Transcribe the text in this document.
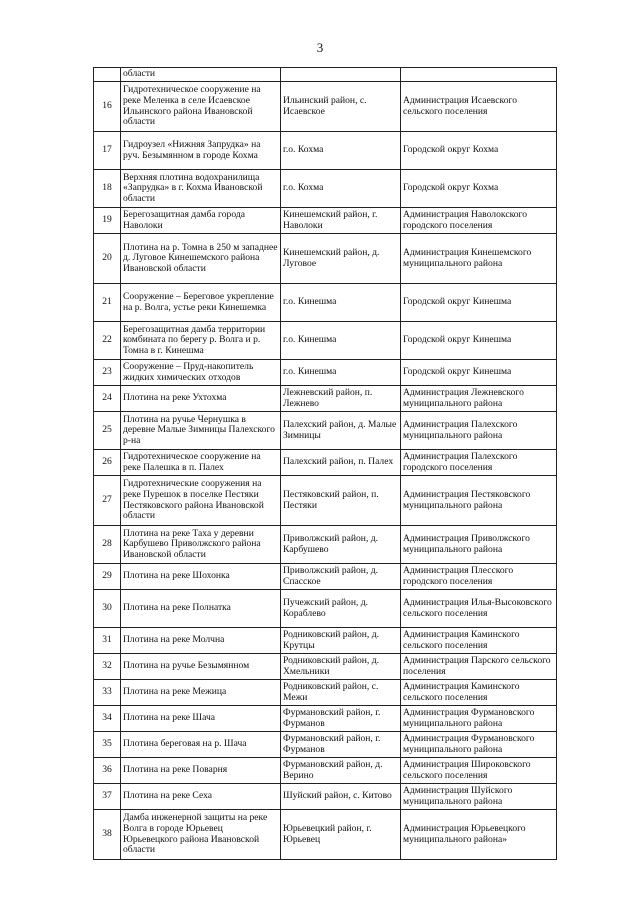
3
	области		
16	Гидротехническое сооружение на реке Меленка в селе Исаевское Ильинского района Ивановской области	Ильинский район, с. Исаевское	Администрация Исаевского сельского поселения
17	Гидроузел «Нижняя Запрудка» на руч. Безымянном в городе Кохма	г.о. Кохма	Городской округ Кохма
18	Верхняя плотина водохранилища «Запрудка» в г. Кохма Ивановской области	г.о. Кохма	Городской округ Кохма
19	Берегозащитная дамба города Наволоки	Кинешемский район, г. Наволоки	Администрация Наволокского городского поселения
20	Плотина на р. Томна в 250 м западнее д. Луговое Кинешемского района Ивановской области	Кинешемский район, д. Луговое	Администрация Кинешемского муниципального района
21	Сооружение – Береговое укрепление на р. Волга, устье реки Кинешемка	г.о. Кинешма	Городской округ Кинешма
22	Берегозащитная дамба территории комбината по берегу р. Волга и р. Томна в г. Кинешма	г.о. Кинешма	Городской округ Кинешма
23	Сооружение – Пруд-накопитель жидких химических отходов	г.о. Кинешма	Городской округ Кинешма
24	Плотина на реке Ухтохма	Лежневский район, п. Лежнево	Администрация Лежневского муниципального района
25	Плотина на ручье Чернушка в деревне Малые Зимницы Палехского р-на	Палехский район, д. Малые Зимницы	Администрация Палехского муниципального района
26	Гидротехническое сооружение на реке Палешка в п. Палех	Палехский район, п. Палех	Администрация Палехского городского поселения
27	Гидротехнические сооружения на реке Пурешок в поселке Пестяки Пестяковского района Ивановской области	Пестяковский район, п. Пестяки	Администрация Пестяковского муниципального района
28	Плотина на реке Таха у деревни Карбушево Приволжского района Ивановской области	Приволжский район, д. Карбушево	Администрация Приволжского муниципального района
29	Плотина на реке Шохонка	Приволжский район, д. Спасское	Администрация Плесского городского поселения
30	Плотина на реке Полнатка	Пучежский район, д. Кораблево	Администрация Илья-Высоковского сельского поселения
31	Плотина на реке Молчна	Родниковский район, д. Крутцы	Администрация Каминского сельского поселения
32	Плотина на ручье Безымянном	Родниковский район, д. Хмельники	Администрация Парского сельского поселения
33	Плотина на реке Межица	Родниковский район, с. Межи	Администрация Каминского сельского поселения
34	Плотина на реке Шача	Фурмановский район, г. Фурманов	Администрация Фурмановского муниципального района
35	Плотина береговая на р. Шача	Фурмановский район, г. Фурманов	Администрация Фурмановского муниципального района
36	Плотина на реке Поварня	Фурмановский район, д. Верино	Администрация Широковского сельского поселения
37	Плотина на реке Сеха	Шуйский район, с. Китово	Администрация Шуйского муниципального района
38	Дамба инженерной защиты на реке Волга в городе Юрьевец Юрьевецкого района Ивановской области	Юрьевецкий район, г. Юрьевец	Администрация Юрьевецкого муниципального района»
